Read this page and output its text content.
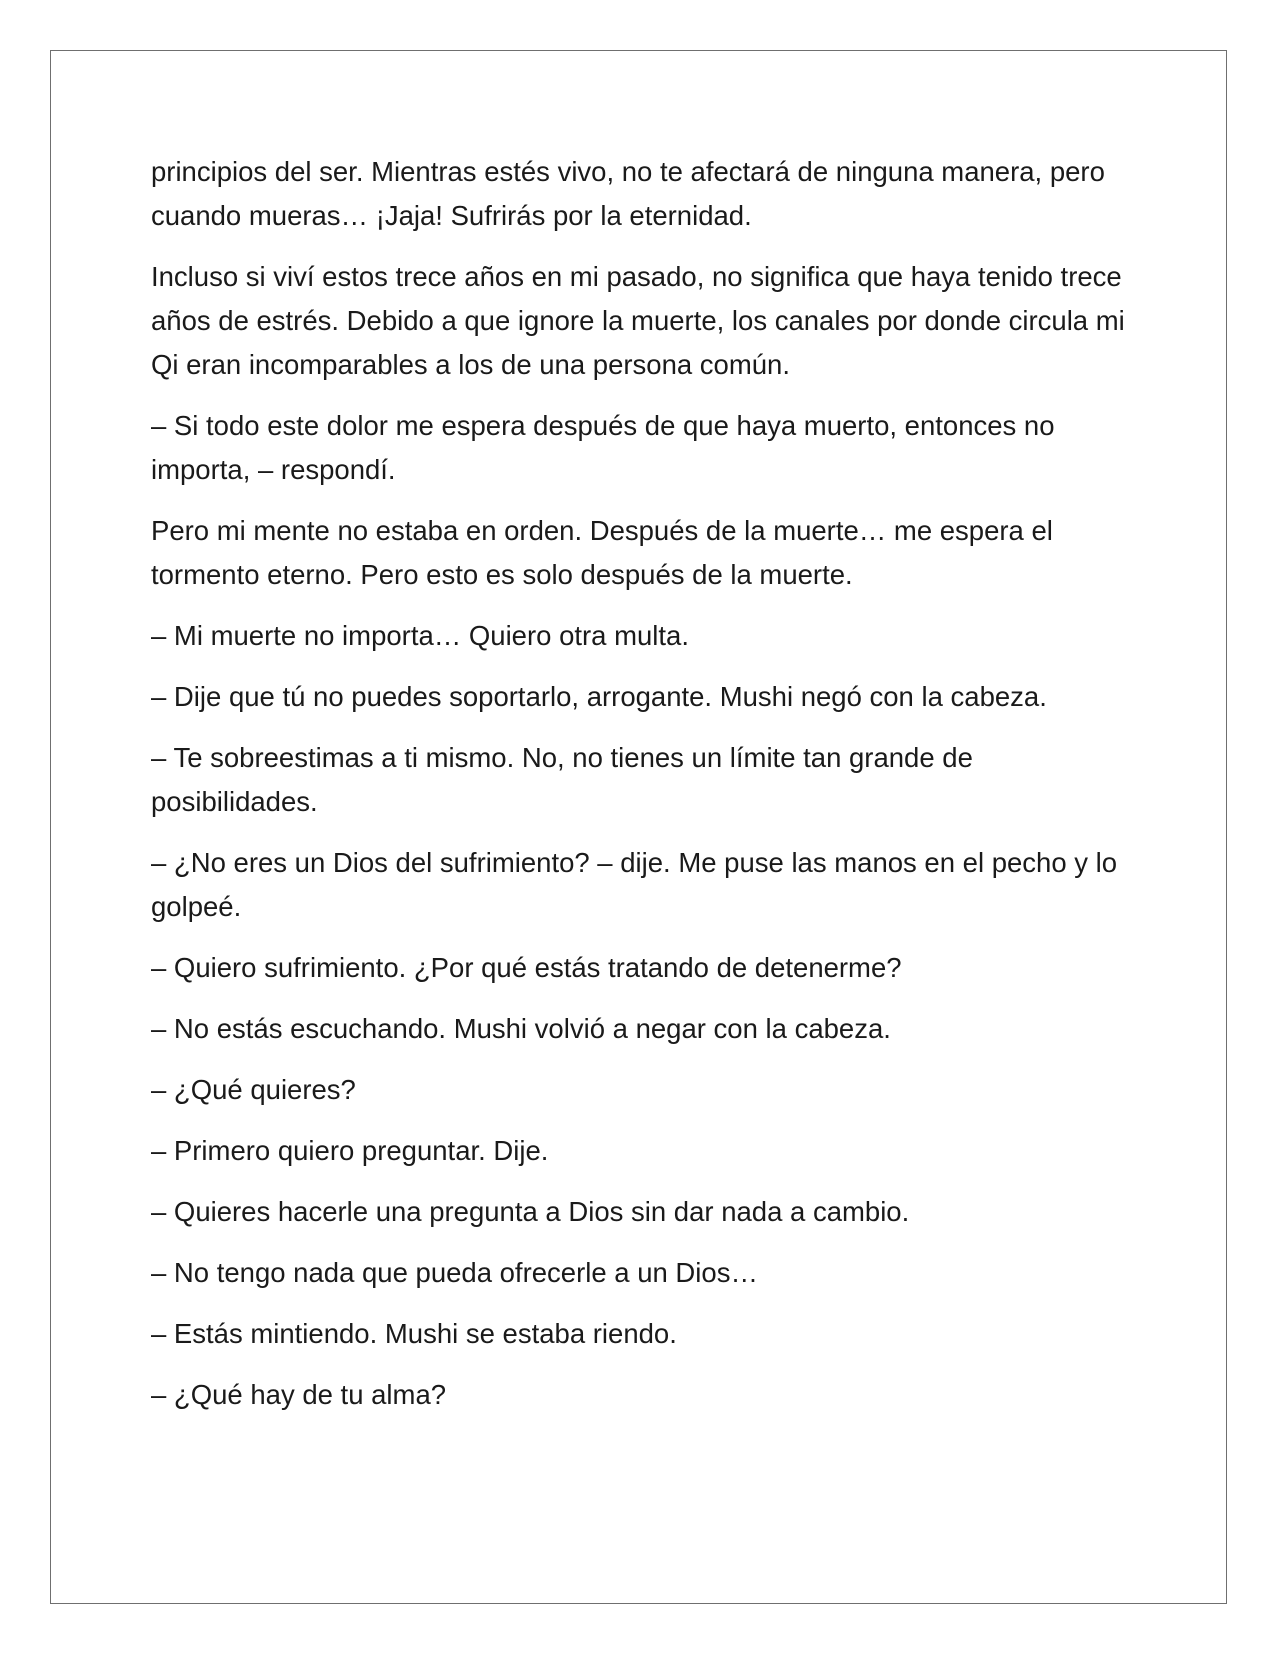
principios del ser. Mientras estés vivo, no te afectará de ninguna manera, pero cuando mueras… ¡Jaja! Sufrirás por la eternidad.

Incluso si viví estos trece años en mi pasado, no significa que haya tenido trece años de estrés. Debido a que ignore la muerte, los canales por donde circula mi Qi eran incomparables a los de una persona común.

– Si todo este dolor me espera después de que haya muerto, entonces no importa, – respondí.

Pero mi mente no estaba en orden. Después de la muerte… me espera el tormento eterno. Pero esto es solo después de la muerte.

– Mi muerte no importa… Quiero otra multa.

– Dije que tú no puedes soportarlo, arrogante. Mushi negó con la cabeza.

– Te sobreestimas a ti mismo. No, no tienes un límite tan grande de posibilidades.

– ¿No eres un Dios del sufrimiento? – dije. Me puse las manos en el pecho y lo golpeé.

– Quiero sufrimiento. ¿Por qué estás tratando de detenerme?

– No estás escuchando. Mushi volvió a negar con la cabeza.

– ¿Qué quieres?

– Primero quiero preguntar. Dije.

– Quieres hacerle una pregunta a Dios sin dar nada a cambio.

– No tengo nada que pueda ofrecerle a un Dios…

– Estás mintiendo. Mushi se estaba riendo.

– ¿Qué hay de tu alma?
